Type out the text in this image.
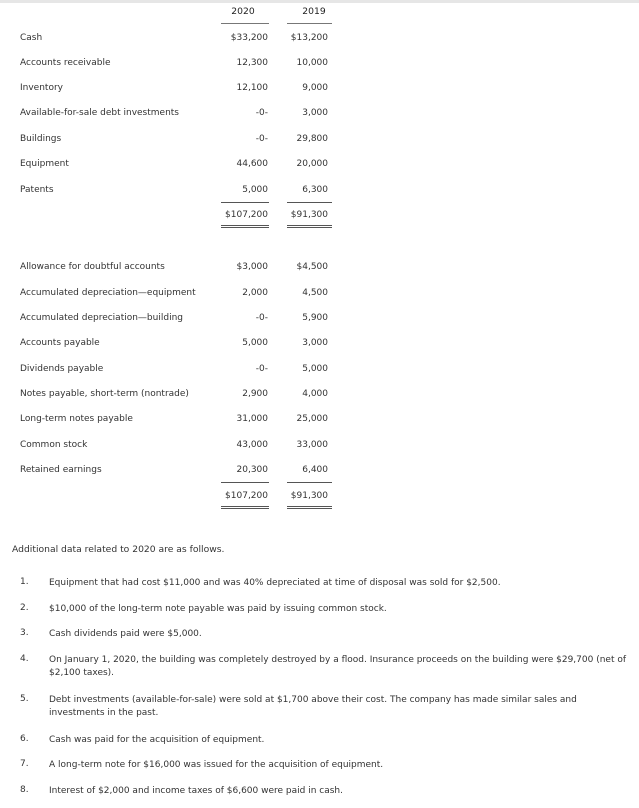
2020	2019
Cash	$33,200	$13,200
Accounts receivable	12,300	10,000
Inventory	12,100	9,000
Available-for-sale debt investments	-0-	3,000
Buildings	-0-	29,800
Equipment	44,600	20,000
Patents	5,000	6,300
$107,200	$91,300
Allowance for doubtful accounts	$3,000	$4,500
Accumulated depreciation—equipment	2,000	4,500
Accumulated depreciation—building	-0-	5,900
Accounts payable	5,000	3,000
Dividends payable	-0-	5,000
Notes payable, short-term (nontrade)	2,900	4,000
Long-term notes payable	31,000	25,000
Common stock	43,000	33,000
Retained earnings	20,300	6,400
$107,200	$91,300
Additional data related to 2020 are as follows.
1. Equipment that had cost $11,000 and was 40% depreciated at time of disposal was sold for $2,500.
2. $10,000 of the long-term note payable was paid by issuing common stock.
3. Cash dividends paid were $5,000.
4. On January 1, 2020, the building was completely destroyed by a flood. Insurance proceeds on the building were $29,700 (net of $2,100 taxes).
5. Debt investments (available-for-sale) were sold at $1,700 above their cost. The company has made similar sales and investments in the past.
6. Cash was paid for the acquisition of equipment.
7. A long-term note for $16,000 was issued for the acquisition of equipment.
8. Interest of $2,000 and income taxes of $6,600 were paid in cash.
